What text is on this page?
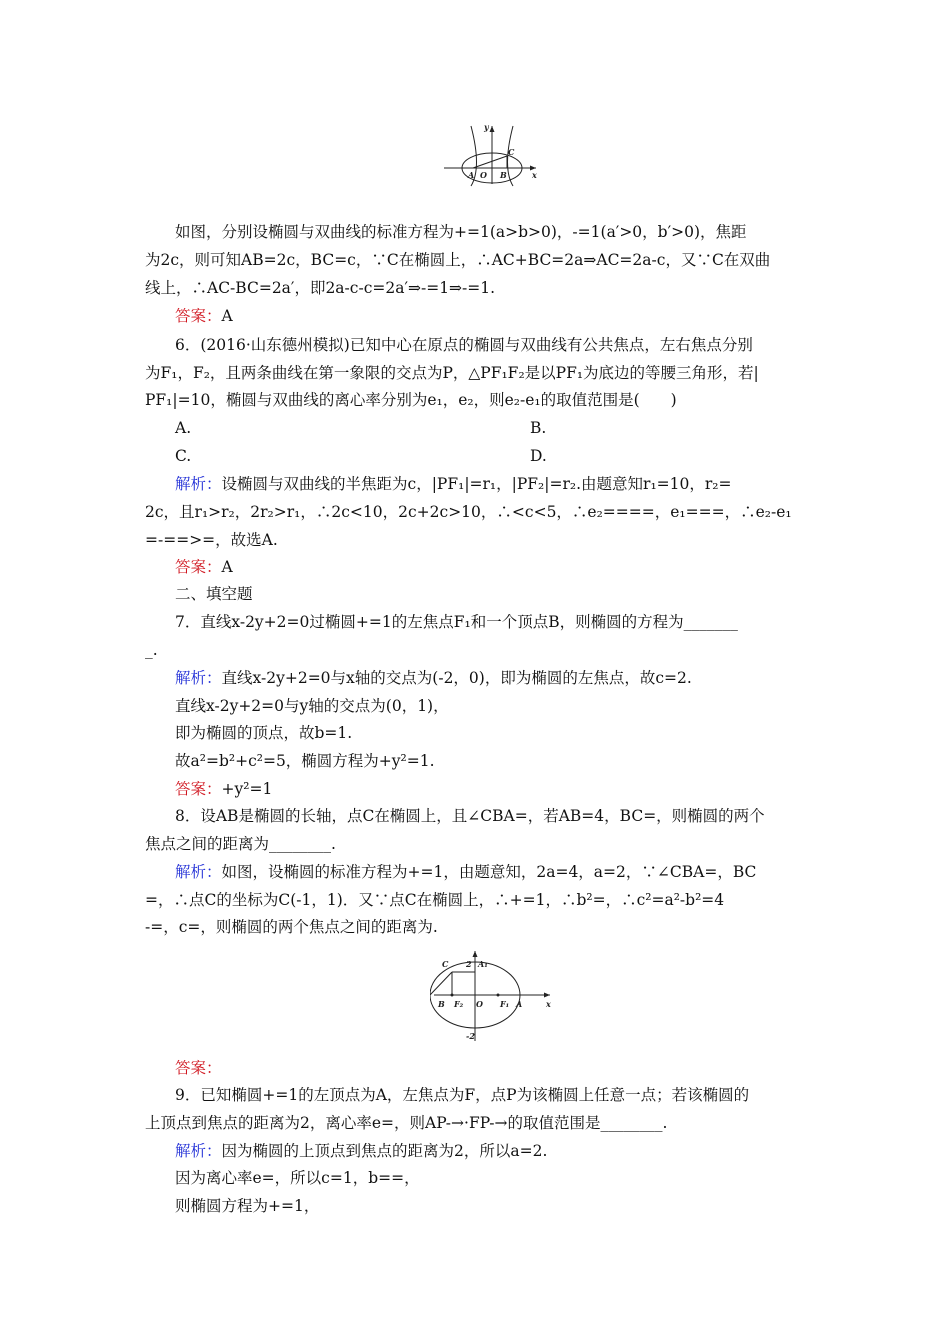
y
x
A O B
C
如图，分别设椭圆与双曲线的标准方程为+=1(a>b>0)，-=1(a′>0，b′>0)，焦距
为2c，则可知AB=2c，BC=c，∵C在椭圆上，∴AC+BC=2a⇒AC=2a-c，又∵C在双曲
线上，∴AC-BC=2a′，即2a-c-c=2a′⇒-=1⇒-=1.
答案：A
6．(2016·山东德州模拟)已知中心在原点的椭圆与双曲线有公共焦点，左右焦点分别
为F₁，F₂，且两条曲线在第一象限的交点为P，△PF₁F₂是以PF₁为底边的等腰三角形，若|
PF₁|=10，椭圆与双曲线的离心率分别为e₁，e₂，则e₂-e₁的取值范围是(　　)
A.	B.
C.	D.
解析：设椭圆与双曲线的半焦距为c，|PF₁|=r₁，|PF₂|=r₂.由题意知r₁=10，r₂=
2c，且r₁>r₂，2r₂>r₁，∴2c<10，2c+2c>10，∴<c<5，∴e₂====，e₁===，∴e₂-e₁
=-==>=，故选A.
答案：A
二、填空题
7．直线x-2y+2=0过椭圆+=1的左焦点F₁和一个顶点B，则椭圆的方程为_______
_.
解析：直线x-2y+2=0与x轴的交点为(-2，0)，即为椭圆的左焦点，故c=2.
直线x-2y+2=0与y轴的交点为(0，1)，
即为椭圆的顶点，故b=1.
故a²=b²+c²=5，椭圆方程为+y²=1.
答案：+y²=1
8．设AB是椭圆的长轴，点C在椭圆上，且∠CBA=，若AB=4，BC=，则椭圆的两个
焦点之间的距离为________.
解析：如图，设椭圆的标准方程为+=1，由题意知，2a=4，a=2，∵∠CBA=，BC
=，∴点C的坐标为C(-1，1)．又∵点C在椭圆上，∴+=1，∴b²=，∴c²=a²-b²=4
-=，c=，则椭圆的两个焦点之间的距离为.
C 2 A₁
B F₂ O F₁ A	x
-2
答案：
9．已知椭圆+=1的左顶点为A，左焦点为F，点P为该椭圆上任意一点；若该椭圆的
上顶点到焦点的距离为2，离心率e=，则AP-→·FP-→的取值范围是________.
解析：因为椭圆的上顶点到焦点的距离为2，所以a=2.
因为离心率e=，所以c=1，b==，
则椭圆方程为+=1，
